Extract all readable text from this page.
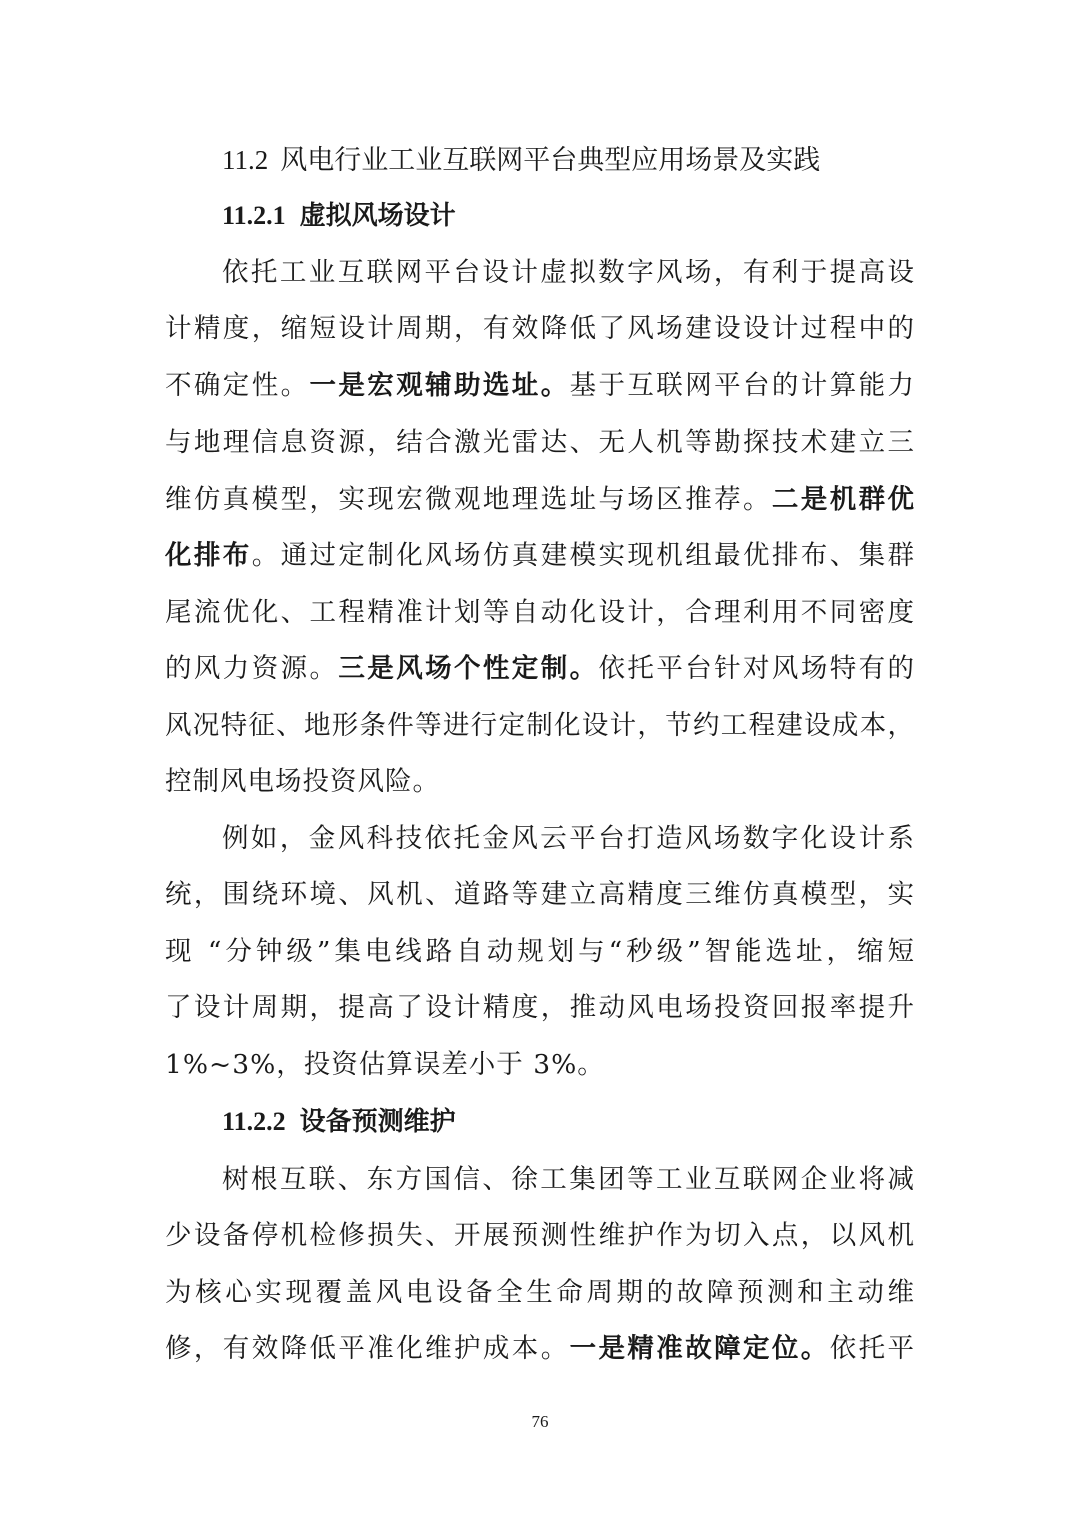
11.2 风电行业工业互联网平台典型应用场景及实践
11.2.1 虚拟风场设计
依托工业互联网平台设计虚拟数字风场，有利于提高设
计精度，缩短设计周期，有效降低了风场建设设计过程中的
不确定性。一是宏观辅助选址。基于互联网平台的计算能力
与地理信息资源，结合激光雷达、无人机等勘探技术建立三
维仿真模型，实现宏微观地理选址与场区推荐。二是机群优
化排布。通过定制化风场仿真建模实现机组最优排布、集群
尾流优化、工程精准计划等自动化设计，合理利用不同密度
的风力资源。三是风场个性定制。依托平台针对风场特有的
风况特征、地形条件等进行定制化设计，节约工程建设成本，
控制风电场投资风险。
例如，金风科技依托金风云平台打造风场数字化设计系
统，围绕环境、风机、道路等建立高精度三维仿真模型，实
现 “分钟级”集电线路自动规划与“秒级”智能选址，缩短
了设计周期，提高了设计精度，推动风电场投资回报率提升
1%~3%，投资估算误差小于 3%。
11.2.2 设备预测维护
树根互联、东方国信、徐工集团等工业互联网企业将减
少设备停机检修损失、开展预测性维护作为切入点，以风机
为核心实现覆盖风电设备全生命周期的故障预测和主动维
修，有效降低平准化维护成本。一是精准故障定位。依托平
76
